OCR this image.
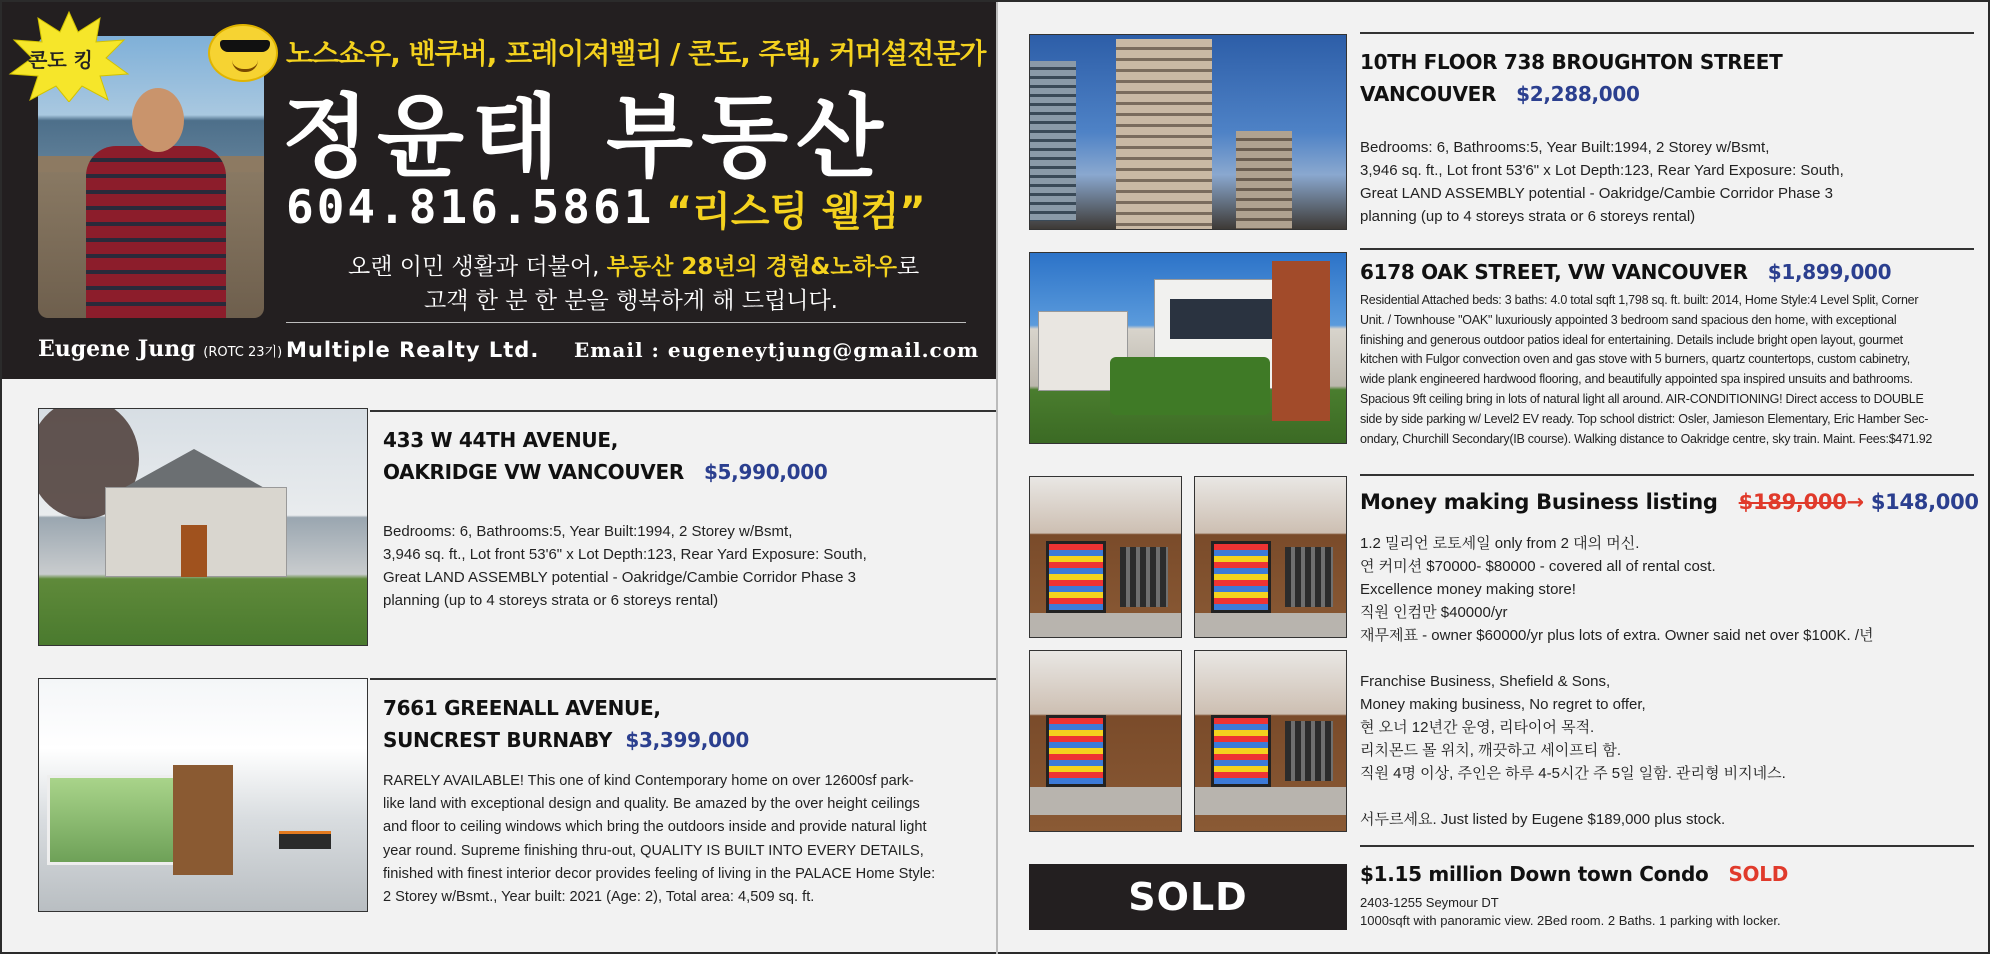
콘도 킹	노스쇼우, 밴쿠버, 프레이져밸리 / 콘도, 주택, 커머셜전문가
정윤태 부동산
604.816.5861 “리스팅 웰컴”
오랜 이민 생활과 더불어, 부동산 28년의 경험&노하우로
고객 한 분 한 분을 행복하게 해 드립니다.
Eugene Jung (ROTC 23기) Multiple Realty Ltd. Email : eugeneytjung@gmail.com
433 W 44TH AVENUE,
OAKRIDGE VW VANCOUVER $5,990,000
Bedrooms: 6, Bathrooms:5, Year Built:1994, 2 Storey w/Bsmt,
3,946 sq. ft., Lot front 53'6" x Lot Depth:123, Rear Yard Exposure: South,
Great LAND ASSEMBLY potential - Oakridge/Cambie Corridor Phase 3
planning (up to 4 storeys strata or 6 storeys rental)
7661 GREENALL AVENUE,
SUNCREST BURNABY $3,399,000
RARELY AVAILABLE! This one of kind Contemporary home on over 12600sf park-
like land with exceptional design and quality. Be amazed by the over height ceilings
and floor to ceiling windows which bring the outdoors inside and provide natural light
year round. Supreme finishing thru-out, QUALITY IS BUILT INTO EVERY DETAILS,
finished with finest interior decor provides feeling of living in the PALACE Home Style:
2 Storey w/Bsmt., Year built: 2021 (Age: 2), Total area: 4,509 sq. ft.
10TH FLOOR 738 BROUGHTON STREET
VANCOUVER $2,288,000
Bedrooms: 6, Bathrooms:5, Year Built:1994, 2 Storey w/Bsmt,
3,946 sq. ft., Lot front 53'6" x Lot Depth:123, Rear Yard Exposure: South,
Great LAND ASSEMBLY potential - Oakridge/Cambie Corridor Phase 3
planning (up to 4 storeys strata or 6 storeys rental)
6178 OAK STREET, VW VANCOUVER $1,899,000
Residential Attached beds: 3 baths: 4.0 total sqft 1,798 sq. ft. built: 2014, Home Style:4 Level Split, Corner
Unit. / Townhouse "OAK" luxuriously appointed 3 bedroom sand spacious den home, with exceptional
finishing and generous outdoor patios ideal for entertaining. Details include bright open layout, gourmet
kitchen with Fulgor convection oven and gas stove with 5 burners, quartz countertops, custom cabinetry,
wide plank engineered hardwood flooring, and beautifully appointed spa inspired unsuits and bathrooms.
Spacious 9ft ceiling bring in lots of natural light all around. AIR-CONDITIONING! Direct access to DOUBLE
side by side parking w/ Level2 EV ready. Top school district: Osler, Jamieson Elementary, Eric Hamber Sec-
ondary, Churchill Secondary(IB course). Walking distance to Oakridge centre, sky train. Maint. Fees:$471.92
Money making Business listing $189,000→ $148,000
1.2 밀리언 로토세일 only from 2 대의 머신.
연 커미션 $70000- $80000 - covered all of rental cost.
Excellence money making store!
직원 인컴만 $40000/yr
재무제표 - owner $60000/yr plus lots of extra. Owner said net over $100K. /년
Franchise Business, Shefield & Sons,
Money making business, No regret to offer,
현 오너 12년간 운영, 리타이어 목적.
리치몬드 몰 위치, 깨끗하고 세이프티 함.
직원 4명 이상, 주인은 하루 4-5시간 주 5일 일함. 관리형 비지네스.
서두르세요. Just listed by Eugene $189,000 plus stock.
SOLD
$1.15 million Down town Condo SOLD
2403-1255 Seymour DT
1000sqft with panoramic view. 2Bed room. 2 Baths. 1 parking with locker.
